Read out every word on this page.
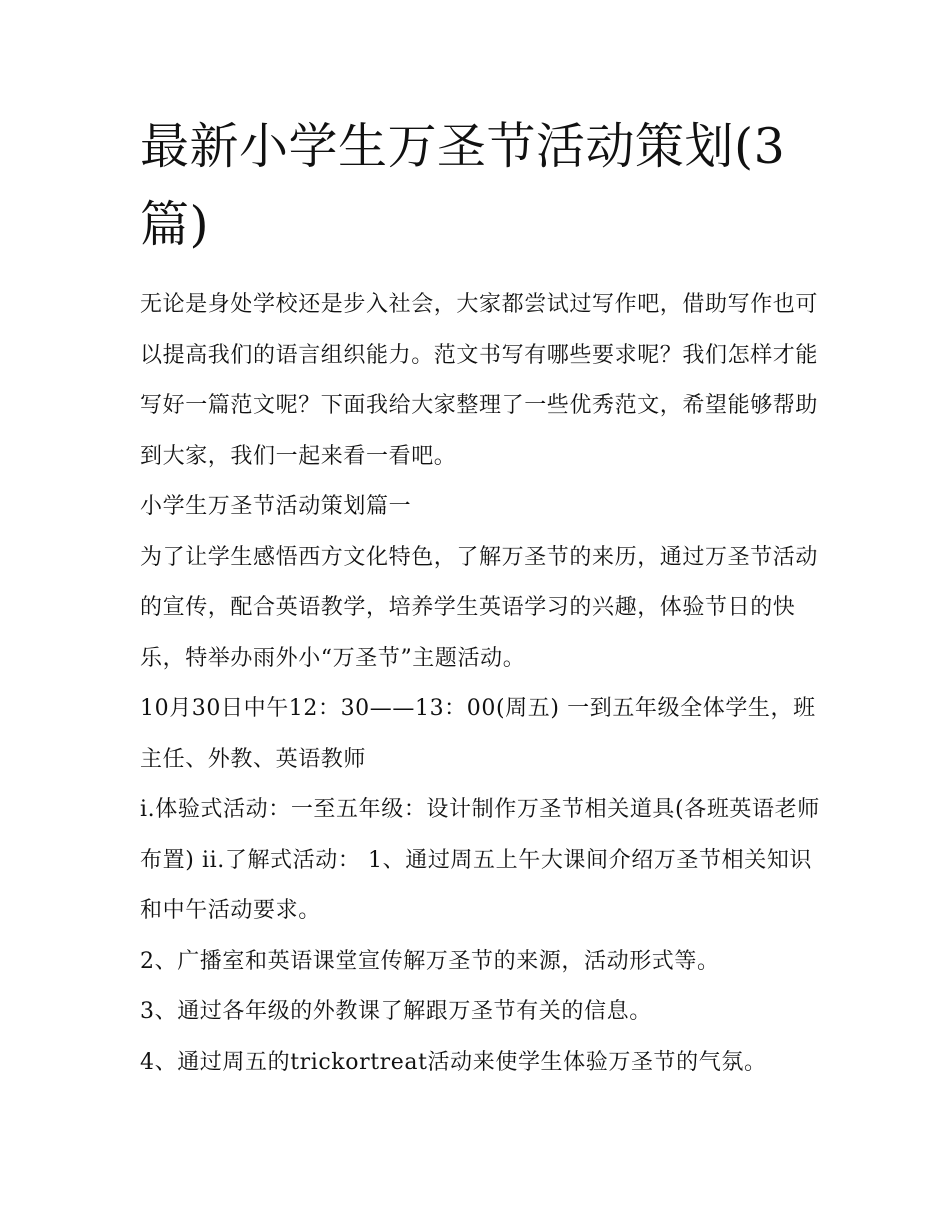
最新小学生万圣节活动策划(3篇)

无论是身处学校还是步入社会，大家都尝试过写作吧，借助写作也可以提高我们的语言组织能力。范文书写有哪些要求呢？我们怎样才能写好一篇范文呢？下面我给大家整理了一些优秀范文，希望能够帮助到大家，我们一起来看一看吧。

小学生万圣节活动策划篇一

为了让学生感悟西方文化特色，了解万圣节的来历，通过万圣节活动的宣传，配合英语教学，培养学生英语学习的兴趣，体验节日的快乐，特举办雨外小“万圣节”主题活动。

10月30日中午12：30——13：00(周五) 一到五年级全体学生，班主任、外教、英语教师

i.体验式活动：一至五年级：设计制作万圣节相关道具(各班英语老师布置) ii.了解式活动： 1、通过周五上午大课间介绍万圣节相关知识和中午活动要求。

2、广播室和英语课堂宣传解万圣节的来源，活动形式等。

3、通过各年级的外教课了解跟万圣节有关的信息。

4、通过周五的trickortreat活动来使学生体验万圣节的气氛。
